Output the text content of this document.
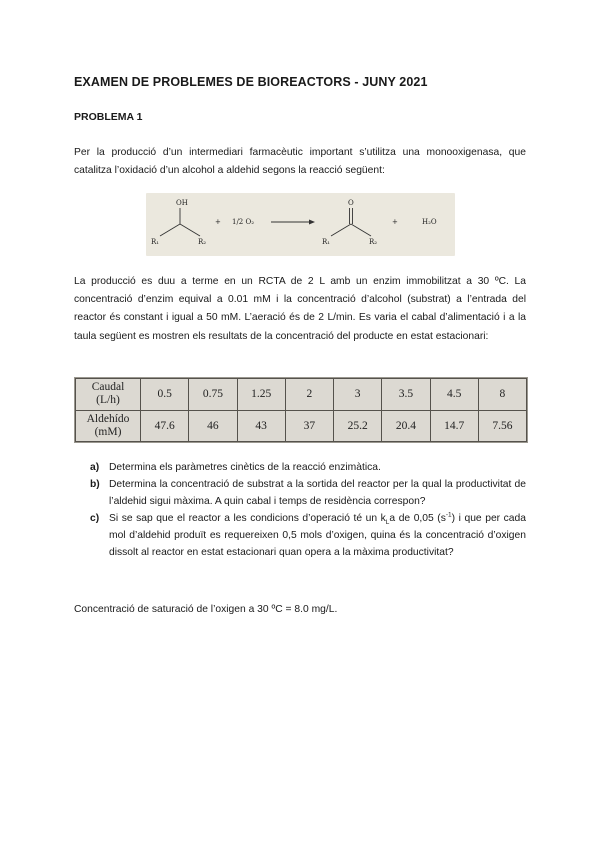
EXAMEN DE PROBLEMES DE BIOREACTORS - JUNY 2021
PROBLEMA 1
Per la producció d’un intermediari farmacèutic important s’utilitza una monooxigenasa, que catalitza l’oxidació d’un alcohol a aldehid segons la reacció següent:
OH
R₁	R₂
+ 1/2 O₂
O
R₁	R₂
+	H₂O
La producció es duu a terme en un RCTA de 2 L amb un enzim immobilitzat a 30 ºC. La concentració d’enzim equival a 0.01 mM i la concentració d’alcohol (substrat) a l’entrada del reactor és constant i igual a 50 mM. L’aeració és de 2 L/min. Es varia el cabal d’alimentació i a la taula següent es mostren els resultats de la concentració del producte en estat estacionari:
Caudal
(L/h)	0.5	0.75	1.25	2	3	3.5	4.5	8
Aldehído
(mM)	47.6	46	43	37	25.2	20.4	14.7	7.56
a) Determina els paràmetres cinètics de la reacció enzimàtica.
b) Determina la concentració de substrat a la sortida del reactor per la qual la productivitat de l’aldehid sigui màxima. A quin cabal i temps de residència correspon?
c) Si se sap que el reactor a les condicions d’operació té un $k_La$ de 0,05 $(s^{-1})$ i que per cada mol d’aldehid produït es requereixen 0,5 mols d’oxigen, quina és la concentració d’oxigen dissolt al reactor en estat estacionari quan opera a la màxima productivitat?
Concentració de saturació de l’oxigen a 30 ºC = 8.0 mg/L.
